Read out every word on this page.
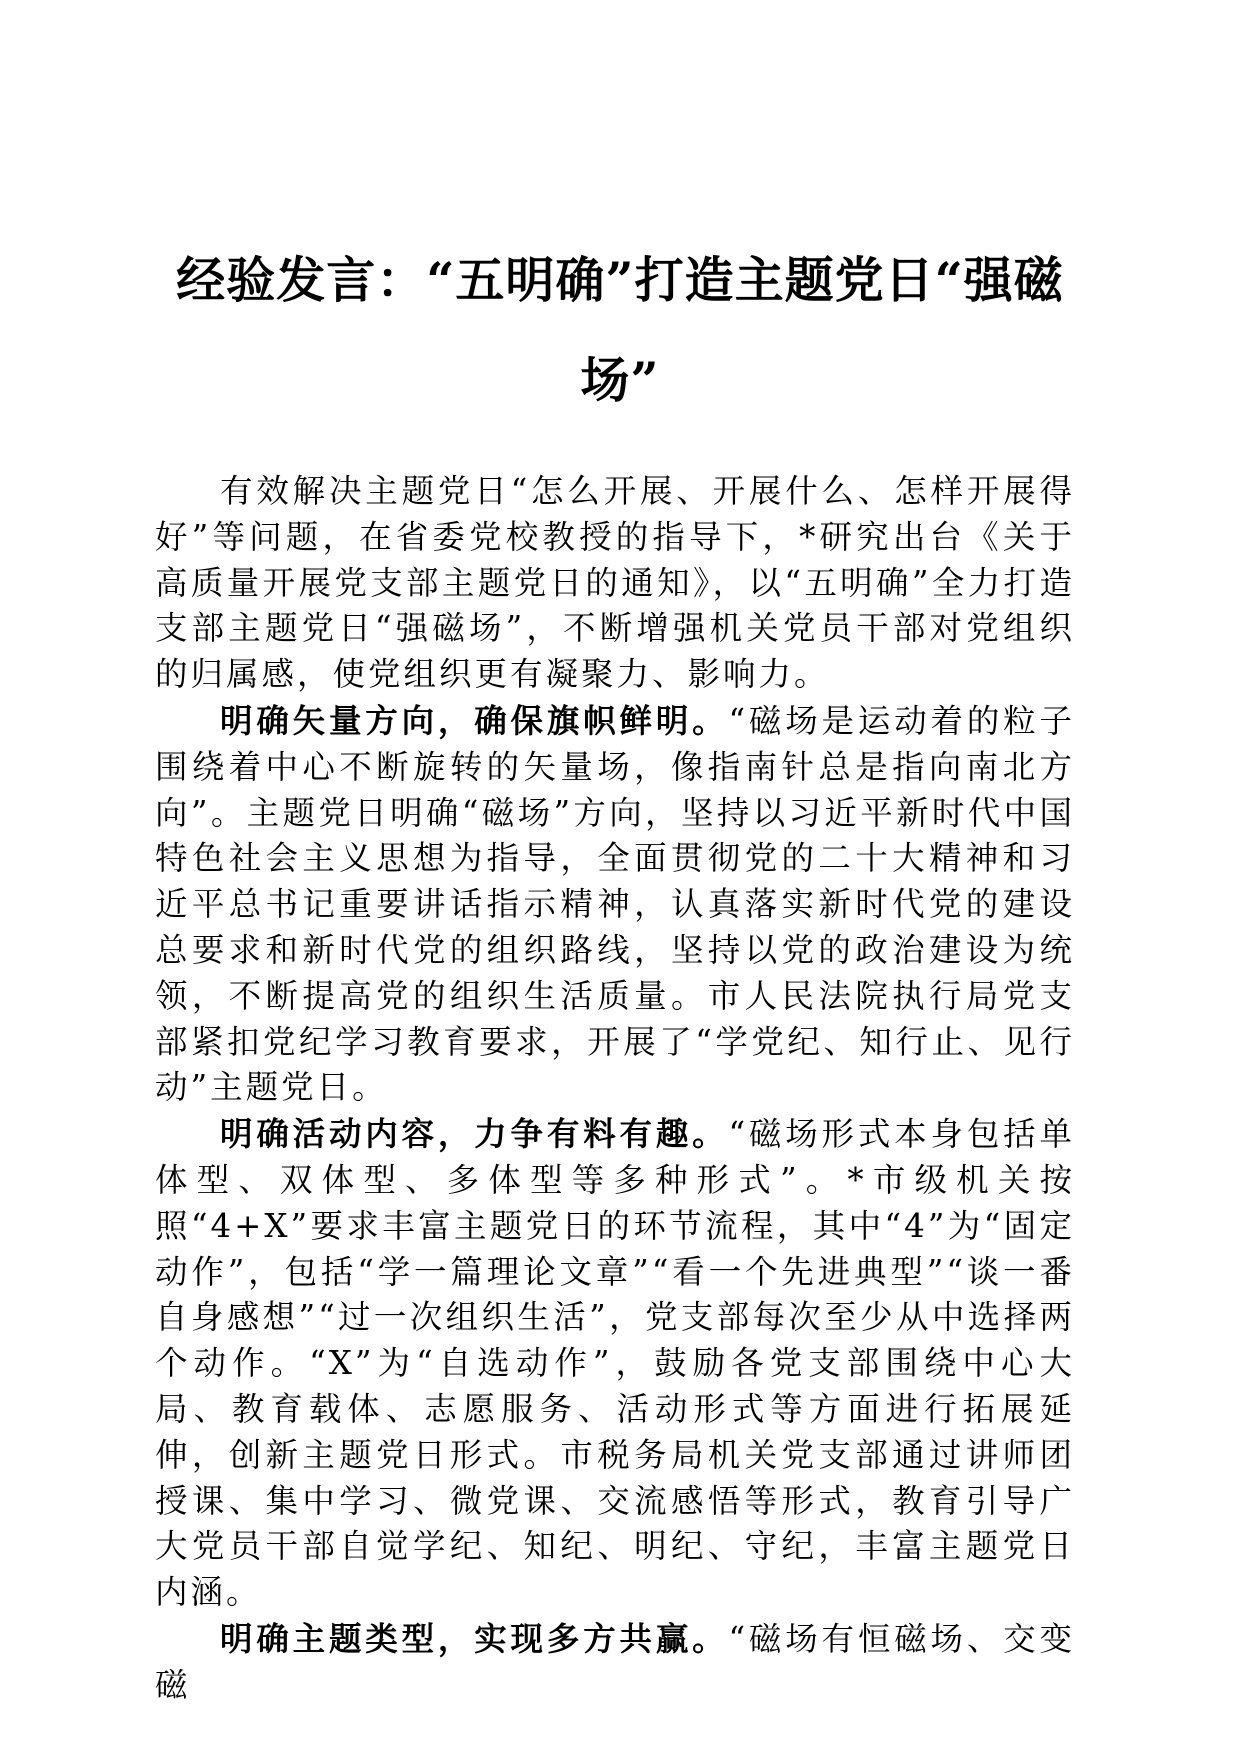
经验发言：“五明确”打造主题党日“强磁场”

有效解决主题党日“怎么开展、开展什么、怎样开展得好”等问题，在省委党校教授的指导下，*研究出台《关于高质量开展党支部主题党日的通知》，以“五明确”全力打造支部主题党日“强磁场”，不断增强机关党员干部对党组织的归属感，使党组织更有凝聚力、影响力。

明确矢量方向，确保旗帜鲜明。“磁场是运动着的粒子围绕着中心不断旋转的矢量场，像指南针总是指向南北方向”。主题党日明确“磁场”方向，坚持以习近平新时代中国特色社会主义思想为指导，全面贯彻党的二十大精神和习近平总书记重要讲话指示精神，认真落实新时代党的建设总要求和新时代党的组织路线，坚持以党的政治建设为统领，不断提高党的组织生活质量。市人民法院执行局党支部紧扣党纪学习教育要求，开展了“学党纪、知行止、见行动”主题党日。

明确活动内容，力争有料有趣。“磁场形式本身包括单体型、双体型、多体型等多种形式”。*市级机关按照“4+X”要求丰富主题党日的环节流程，其中“4”为“固定动作”，包括“学一篇理论文章”“看一个先进典型”“谈一番自身感想”“过一次组织生活”，党支部每次至少从中选择两个动作。“X”为“自选动作”，鼓励各党支部围绕中心大局、教育载体、志愿服务、活动形式等方面进行拓展延伸，创新主题党日形式。市税务局机关党支部通过讲师团授课、集中学习、微党课、交流感悟等形式，教育引导广大党员干部自觉学纪、知纪、明纪、守纪，丰富主题党日内涵。

明确主题类型，实现多方共赢。“磁场有恒磁场、交变磁
